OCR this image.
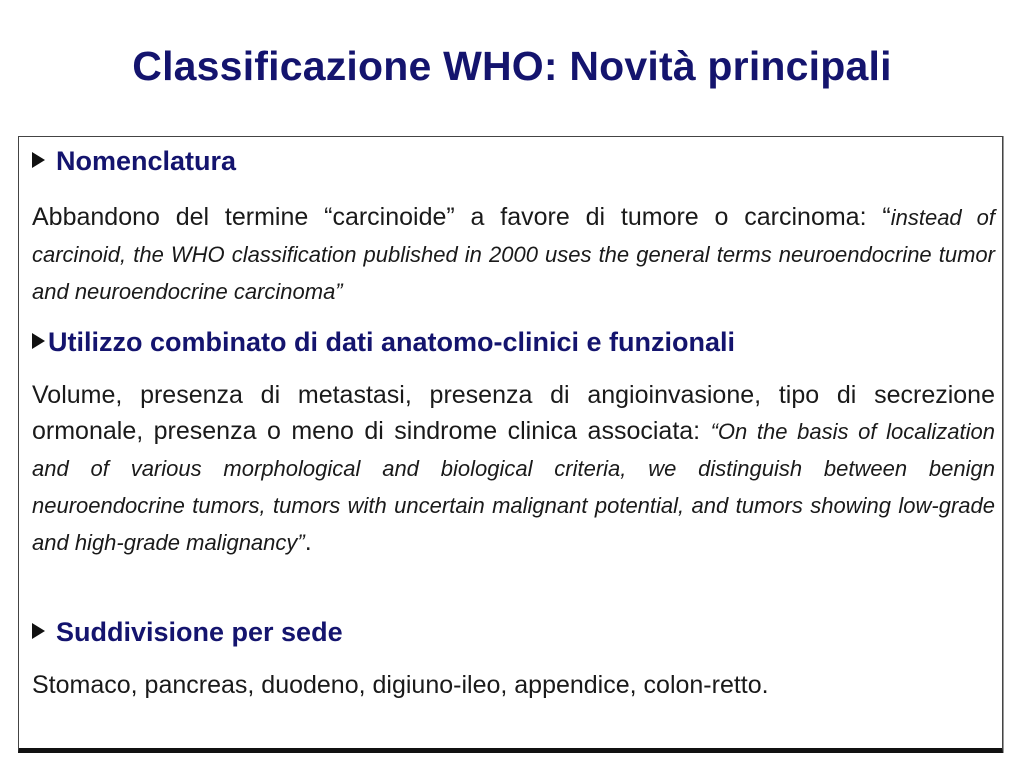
Classificazione WHO: Novità principali
Nomenclatura
Abbandono del termine “carcinoide” a favore di tumore o carcinoma: “instead of carcinoid, the WHO classification published in 2000 uses the general terms neuroendocrine tumor and neuroendocrine carcinoma”
Utilizzo combinato di dati anatomo-clinici e funzionali
Volume, presenza di metastasi, presenza di angioinvasione, tipo di secrezione ormonale, presenza o meno di sindrome clinica associata: “On the basis of localization and of various morphological and biological criteria, we distinguish between benign neuroendocrine tumors, tumors with uncertain malignant potential, and tumors showing low-grade and high-grade malignancy”.
Suddivisione per sede
Stomaco, pancreas, duodeno, digiuno-ileo, appendice, colon-retto.
